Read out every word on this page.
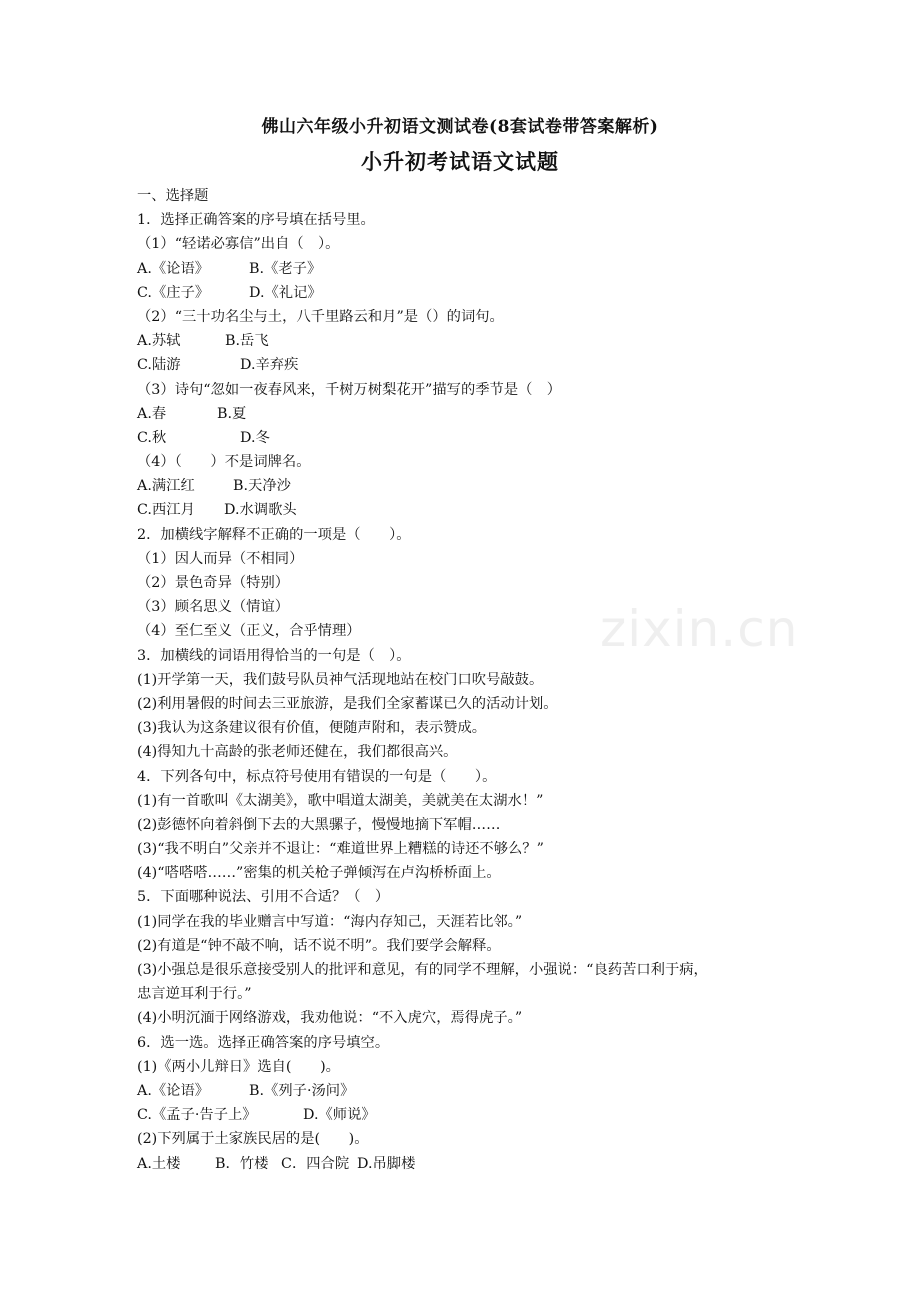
佛山六年级小升初语文测试卷(8套试卷带答案解析)
小升初考试语文试题
一、选择题
1．选择正确答案的序号填在括号里。
（1）“轻诺必寡信”出自（　）。
A.《论语》	B.《老子》
C.《庄子》	D.《礼记》
（2）“三十功名尘与土，八千里路云和月”是（）的词句。
A.苏轼	B.岳飞
C.陆游	D.辛弃疾
（3）诗句“忽如一夜春风来，千树万树梨花开”描写的季节是（　）
A.春	B.夏
C.秋	D.冬
（4）（　　）不是词牌名。
A.满江红	B.天净沙
C.西江月 D.水调歌头
2．加横线字解释不正确的一项是（　　）。
（1）因人而异（不相同）
（2）景色奇异（特别）
（3）顾名思义（情谊）
（4）至仁至义（正义，合乎情理）
3．加横线的词语用得恰当的一句是（　）。
(1)开学第一天，我们鼓号队员神气活现地站在校门口吹号敲鼓。
(2)利用暑假的时间去三亚旅游，是我们全家蓄谋已久的活动计划。
(3)我认为这条建议很有价值，便随声附和，表示赞成。
(4)得知九十高龄的张老师还健在，我们都很高兴。
4．下列各句中，标点符号使用有错误的一句是（　　）。
(1)有一首歌叫《太湖美》，歌中唱道太湖美，美就美在太湖水！”
(2)彭德怀向着斜倒下去的大黑骡子，慢慢地摘下军帽……
(3)“我不明白”父亲并不退让：“难道世界上糟糕的诗还不够么？”
(4)“嗒嗒嗒……”密集的机关枪子弹倾泻在卢沟桥桥面上。
5．下面哪种说法、引用不合适？（　）
(1)同学在我的毕业赠言中写道：“海内存知己，天涯若比邻。”
(2)有道是“钟不敲不响，话不说不明”。我们要学会解释。
(3)小强总是很乐意接受别人的批评和意见，有的同学不理解，小强说：“良药苦口利于病，
忠言逆耳利于行。”
(4)小明沉湎于网络游戏，我劝他说：“不入虎穴，焉得虎子。”
6．选一选。选择正确答案的序号填空。
(1)《两小儿辩日》选自(　　)。
A.《论语》	B.《列子·汤问》
C.《孟子·告子上》	D.《师说》
(2)下列属于土家族民居的是(　　)。
A.土楼 B．竹楼 C．四合院 D.吊脚楼
zixin.cn
